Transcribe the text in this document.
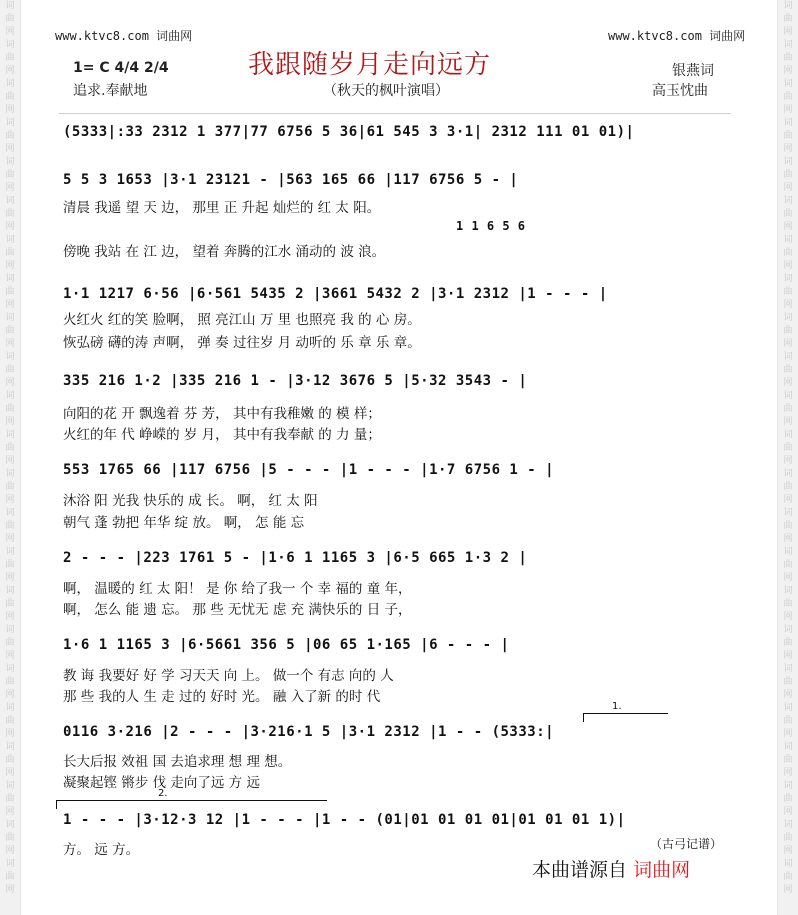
词
曲
网
词
曲
网
词
曲
网
词
曲
网
词
曲
网
词
曲
网
词
曲
网
词
曲
网
词
曲
网
词
曲
网
词
曲
网
词
曲
网
词
曲
网
词
曲
网
词
曲
网
词
曲
网
词
曲
网
词
曲
网
词
曲
网
词
曲
网
词
曲
网
词
曲
网
词
曲
网
词
曲
网
词
曲
网
词
曲
网
词
曲
网
词
曲
网
词
曲
网
词
曲
网
词
曲
网
词
曲
网
词
曲
网
词
曲
网
词
曲
网
词
曲
网
词
曲
网
词
曲
网
词
曲
网
词
曲
网
词
曲
网
词
曲
网
词
曲
网
词
曲
网
词
曲
网
词
曲
网
www.ktvc8.com 词曲网	www.ktvc8.com 词曲网
我跟随岁月走向远方
（秋天的枫叶演唱）
1= C 4/4 2/4
追求.奉献地
银燕词
高玉忱曲
(5333|:33 2312 1 377|77 6756 5 36|61 545 3 3·1| 2312 111 01 01)|
5 5 3 1653 |3·1 23121 - |563 165 66 |117 6756 5 - |
清晨 我遥 望 天 边， 那里 正 升起 灿烂的 红 太 阳。
1 1 6 5 6
傍晚 我站 在 江 边， 望着 奔腾的江水 涌动的 波 浪。
1·1 1217 6·56 |6·561 5435 2 |3661 5432 2 |3·1 2312 |1 - - - |
火红火 红的笑 脸啊， 照 亮江山 万 里 也照亮 我 的 心 房。
恢弘磅 礴的涛 声啊， 弹 奏 过往岁 月 动听的 乐 章 乐 章。
335 216 1·2 |335 216 1 - |3·12 3676 5 |5·32 3543 - |
向阳的花 开 飘逸着 芬 芳， 其中有我稚嫩 的 模 样；
火红的年 代 峥嵘的 岁 月， 其中有我奉献 的 力 量；
553 1765 66 |117 6756 |5 - - - |1 - - - |1·7 6756 1 - |
沐浴 阳 光我 快乐的 成 长。 啊， 红 太 阳
朝气 蓬 勃把 年华 绽 放。 啊， 怎 能 忘
2 - - - |223 1761 5 - |1·6 1 1165 3 |6·5 665 1·3 2 |
啊， 温暖的 红 太 阳！ 是 你 给了我一 个 幸 福的 童 年，
啊， 怎么 能 遗 忘。 那 些 无忧无 虑 充 满快乐的 日 子，
1·6 1 1165 3 |6·5661 356 5 |06 65 1·165 |6 - - - |
教 诲 我要好 好 学 习天天 向 上。 做一个 有志 向的 人
那 些 我的人 生 走 过的 好时 光。 融 入了新 的时 代
1.
0116 3·216 |2 - - - |3·216·1 5 |3·1 2312 |1 - - (5333:|
长大后报 效祖 国 去追求理 想 理 想。
凝聚起铿 锵步 伐 走向了远 方 远
2.
1 - - - |3·12·3 12 |1 - - - |1 - - (01|01 01 01 01|01 01 01 1)|
方。 远 方。	（古弓记谱）
本曲谱源自 词曲网
